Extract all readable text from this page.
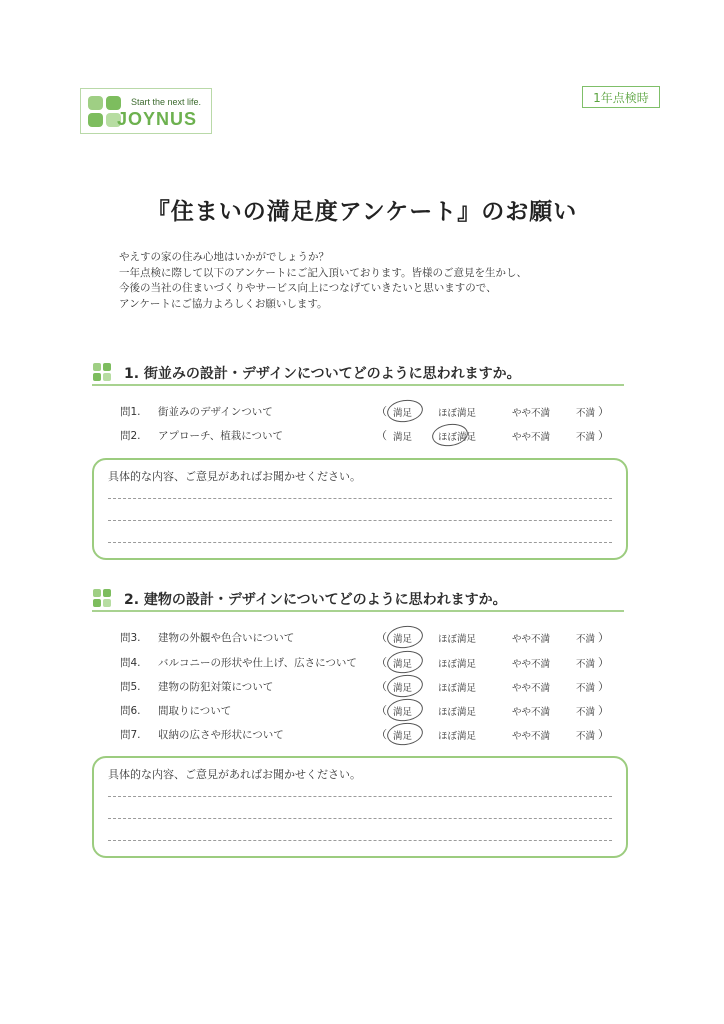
Start the next life.
JOYNUS
1年点検時
『住まいの満足度アンケート』のお願い
やえすの家の住み心地はいかがでしょうか？
一年点検に際して以下のアンケートにご記入頂いております。皆様のご意見を生かし、
今後の当社の住まいづくりやサービス向上につなげていきたいと思いますので、
アンケートにご協力よろしくお願いします。
1. 街並みの設計・デザインについてどのように思われますか。
問1. 街並みのデザインついて	（ 満足	ほぼ満足	やや不満	不満 ）
問2. アプローチ、植栽について	（ 満足	ほぼ満足	やや不満	不満 ）
具体的な内容、ご意見があればお聞かせください。
2. 建物の設計・デザインについてどのように思われますか。
問3. 建物の外観や色合いについて	（ 満足	ほぼ満足	やや不満	不満 ）
問4. バルコニーの形状や仕上げ、広さについて （ 満足	ほぼ満足	やや不満	不満 ）
問5. 建物の防犯対策について	（ 満足	ほぼ満足	やや不満	不満 ）
問6. 間取りについて	（ 満足	ほぼ満足	やや不満	不満 ）
問7. 収納の広さや形状について	（ 満足	ほぼ満足	やや不満	不満 ）
具体的な内容、ご意見があればお聞かせください。
